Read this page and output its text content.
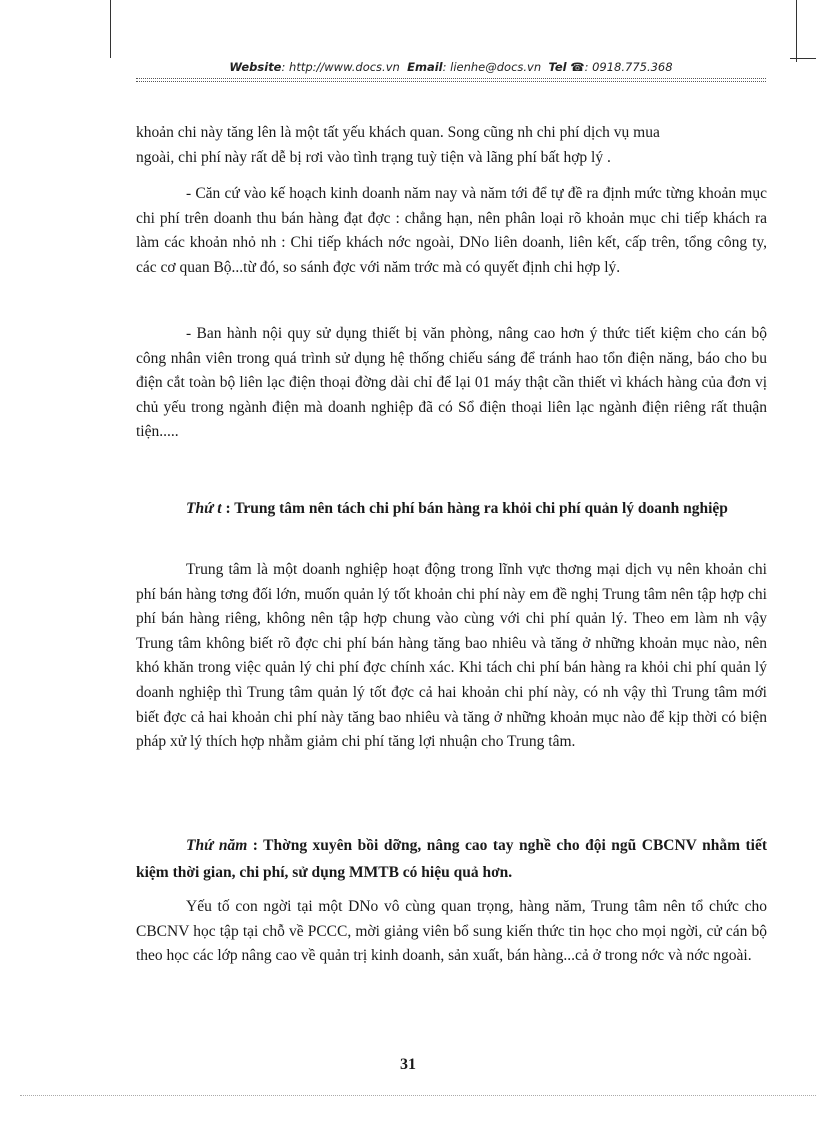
Website: http://www.docs.vn Email: lienhe@docs.vn Tel ☎: 0918.775.368

khoản chi này tăng lên là một tất yếu khách quan. Song cũng nh chi phí dịch vụ mua

ngoài, chi phí này rất dễ bị rơi vào tình trạng tuỳ tiện và lãng phí bất hợp lý .

- Căn cứ vào kế hoạch kinh doanh năm nay và năm tới để tự đề ra định mức từng khoản mục chi phí trên doanh thu bán hàng đạt đợc : chẳng hạn, nên phân loại rõ khoản mục chi tiếp khách ra làm các khoản nhỏ nh : Chi tiếp khách nớc ngoài, DNo liên doanh, liên kết, cấp trên, tổng công ty, các cơ quan Bộ...từ đó, so sánh đợc với năm trớc mà có quyết định chi hợp lý.

- Ban hành nội quy sử dụng thiết bị văn phòng, nâng cao hơn ý thức tiết kiệm cho cán bộ công nhân viên trong quá trình sử dụng hệ thống chiếu sáng để tránh hao tổn điện năng, báo cho bu điện cắt toàn bộ liên lạc điện thoại đờng dài chỉ để lại 01 máy thật cần thiết vì khách hàng của đơn vị chủ yếu trong ngành điện mà doanh nghiệp đã có Sổ điện thoại liên lạc ngành điện riêng rất thuận tiện.....

Thứ t : Trung tâm nên tách chi phí bán hàng ra khỏi chi phí quản lý doanh nghiệp

Trung tâm là một doanh nghiệp hoạt động trong lĩnh vực thơng mại dịch vụ nên khoản chi phí bán hàng tơng đối lớn, muốn quản lý tốt khoản chi phí này em đề nghị Trung tâm nên tập hợp chi phí bán hàng riêng, không nên tập hợp chung vào cùng với chi phí quản lý. Theo em làm nh vậy Trung tâm không biết rõ đợc chi phí bán hàng tăng bao nhiêu và tăng ở những khoản mục nào, nên khó khăn trong việc quản lý chi phí đợc chính xác. Khi tách chi phí bán hàng ra khỏi chi phí quản lý doanh nghiệp thì Trung tâm quản lý tốt đợc cả hai khoản chi phí này, có nh vậy thì Trung tâm mới biết đợc cả hai khoản chi phí này tăng bao nhiêu và tăng ở những khoản mục nào để kịp thời có biện pháp xử lý thích hợp nhằm giảm chi phí tăng lợi nhuận cho Trung tâm.

Thứ năm : Thờng xuyên bồi dỡng, nâng cao tay nghề cho đội ngũ CBCNV nhằm tiết kiệm thời gian, chi phí, sử dụng MMTB có hiệu quả hơn.

Yếu tố con ngời tại một DNo vô cùng quan trọng, hàng năm, Trung tâm nên tổ chức cho CBCNV học tập tại chỗ về PCCC, mời giảng viên bổ sung kiến thức tin học cho mọi ngời, cử cán bộ theo học các lớp nâng cao về quản trị kinh doanh, sản xuất, bán hàng...cả ở trong nớc và nớc ngoài.

31
